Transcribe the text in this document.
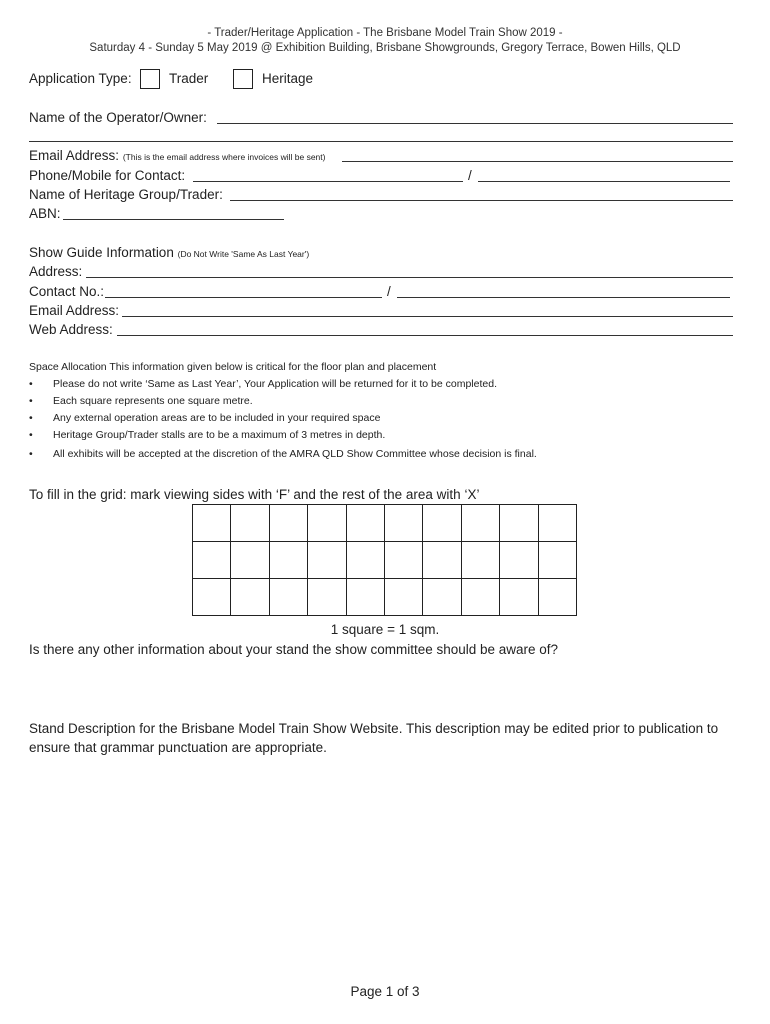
- Trader/Heritage Application - The Brisbane Model Train Show 2019 -
Saturday 4 - Sunday 5 May 2019 @ Exhibition Building, Brisbane Showgrounds, Gregory Terrace, Bowen Hills, QLD
Application Type:	Trader	Heritage
Name of the Operator/Owner:
Email Address: (This is the email address where invoices will be sent)
Phone/Mobile for Contact:	/
Name of Heritage Group/Trader:
ABN:
Show Guide Information (Do Not Write 'Same As Last Year')
Address:
Contact No.:	/
Email Address:
Web Address:
Space Allocation This information given below is critical for the floor plan and placement
• Please do not write ‘Same as Last Year’, Your Application will be returned for it to be completed.
• Each square represents one square metre.
• Any external operation areas are to be included in your required space
• Heritage Group/Trader stalls are to be a maximum of 3 metres in depth.
• All exhibits will be accepted at the discretion of the AMRA QLD Show Committee whose decision is final.
To fill in the grid: mark viewing sides with ‘F’ and the rest of the area with ‘X’
1 square = 1 sqm.
Is there any other information about your stand the show committee should be aware of?
Stand Description for the Brisbane Model Train Show Website. This description may be edited prior to publication to ensure that grammar punctuation are appropriate.
Page 1 of 3
